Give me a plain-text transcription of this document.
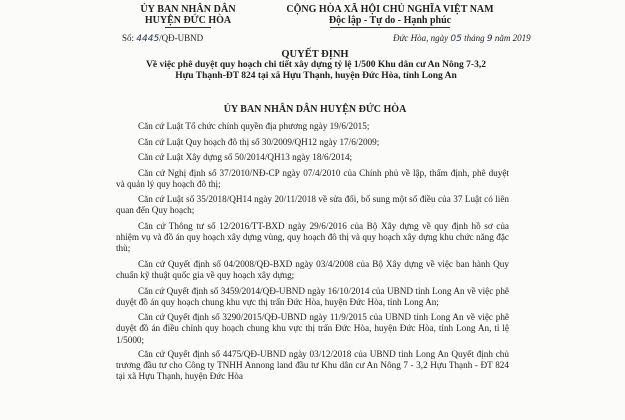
ỦY BAN NHÂN DÂN
HUYỆN ĐỨC HÒA
CỘNG HÒA XÃ HỘI CHỦ NGHĨA VIỆT NAM
Độc lập - Tự do - Hạnh phúc
Số: 4445/QĐ-UBND	Đức Hòa, ngày 05 tháng 9 năm 2019
QUYẾT ĐỊNH
Về việc phê duyệt quy hoạch chi tiết xây dựng tỷ lệ 1/500 Khu dân cư An Nông 7-3,2 Hựu Thạnh-ĐT 824 tại xã Hựu Thạnh, huyện Đức Hòa, tỉnh Long An
ỦY BAN NHÂN DÂN HUYỆN ĐỨC HÒA

Căn cứ Luật Tổ chức chính quyền địa phương ngày 19/6/2015;

Căn cứ Luật Quy hoạch đô thị số 30/2009/QH12 ngày 17/6/2009;

Căn cứ Luật Xây dựng số 50/2014/QH13 ngày 18/6/2014;

Căn cứ Nghị định số 37/2010/NĐ-CP ngày 07/4/2010 của Chính phủ về lập, thẩm định, phê duyệt và quản lý quy hoạch đô thị;

Căn cứ Luật số 35/2018/QH14 ngày 20/11/2018 về sửa đổi, bổ sung một số điều của 37 Luật có liên quan đến Quy hoạch;

Căn cứ Thông tư số 12/2016/TT-BXD ngày 29/6/2016 của Bộ Xây dựng về quy định hồ sơ của nhiệm vụ và đồ án quy hoạch xây dựng vùng, quy hoạch đô thị và quy hoạch xây dựng khu chức năng đặc thù;

Căn cứ Quyết định số 04/2008/QĐ-BXD ngày 03/4/2008 của Bộ Xây dựng về việc ban hành Quy chuẩn kỹ thuật quốc gia về quy hoạch xây dựng;

Căn cứ Quyết định số 3459/2014/QĐ-UBND ngày 16/10/2014 của UBND tỉnh Long An về việc phê duyệt đồ án quy hoạch chung khu vực thị trấn Đức Hòa, huyện Đức Hòa, tỉnh Long An;

Căn cứ Quyết định số 3290/2015/QĐ-UBND ngày 11/9/2015 của UBND tỉnh Long An về việc phê duyệt đồ án điều chỉnh quy hoạch chung khu vực thị trấn Đức Hòa, huyện Đức Hòa, tỉnh Long An, tỉ lệ 1/5000;

Căn cứ Quyết định số 4475/QĐ-UBND ngày 03/12/2018 của UBND tỉnh Long An Quyết định chủ trương đầu tư cho Công ty TNHH Annong land đầu tư Khu dân cư An Nông 7 - 3,2 Hựu Thạnh - ĐT 824 tại xã Hựu Thạnh, huyện Đức Hòa
